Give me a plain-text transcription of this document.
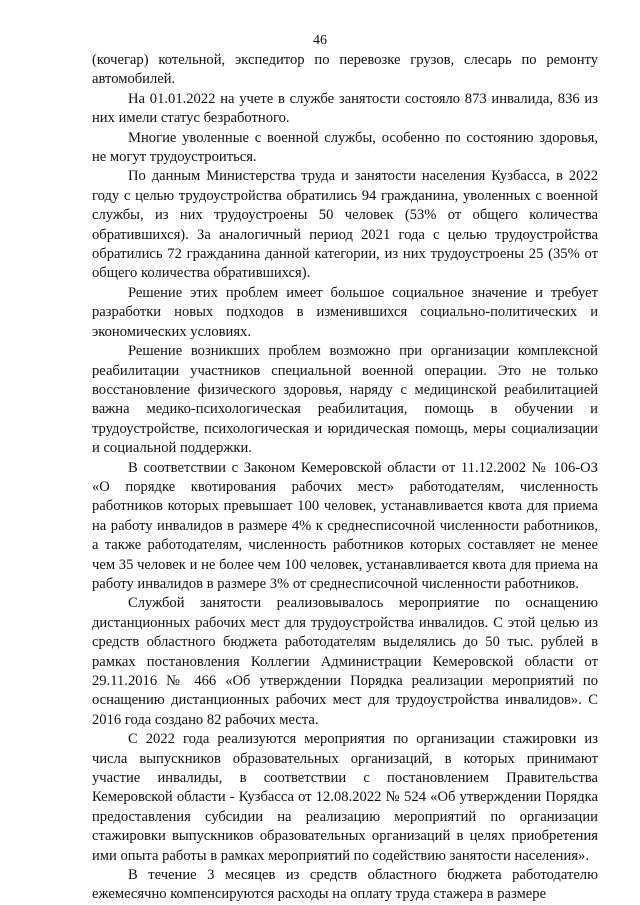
46

(кочегар) котельной, экспедитор по перевозке грузов, слесарь по ремонту автомобилей.

На 01.01.2022 на учете в службе занятости состояло 873 инвалида, 836 из них имели статус безработного.

Многие уволенные с военной службы, особенно по состоянию здоровья, не могут трудоустроиться.

По данным Министерства труда и занятости населения Кузбасса, в 2022 году с целью трудоустройства обратились 94 гражданина, уволенных с военной службы, из них трудоустроены 50 человек (53% от общего количества обратившихся). За аналогичный период 2021 года с целью трудоустройства обратились 72 гражданина данной категории, из них трудоустроены 25 (35% от общего количества обратившихся).

Решение этих проблем имеет большое социальное значение и требует разработки новых подходов в изменившихся социально-политических и экономических условиях.

Решение возникших проблем возможно при организации комплексной реабилитации участников специальной военной операции. Это не только восстановление физического здоровья, наряду с медицинской реабилитацией важна медико-психологическая реабилитация, помощь в обучении и трудоустройстве, психологическая и юридическая помощь, меры социализации и социальной поддержки.

В соответствии с Законом Кемеровской области от 11.12.2002 № 106-ОЗ «О порядке квотирования рабочих мест» работодателям, численность работников которых превышает 100 человек, устанавливается квота для приема на работу инвалидов в размере 4% к среднесписочной численности работников, а также работодателям, численность работников которых составляет не менее чем 35 человек и не более чем 100 человек, устанавливается квота для приема на работу инвалидов в размере 3% от среднесписочной численности работников.

Службой занятости реализовывалось мероприятие по оснащению дистанционных рабочих мест для трудоустройства инвалидов. С этой целью из средств областного бюджета работодателям выделялись до 50 тыс. рублей в рамках постановления Коллегии Администрации Кемеровской области от 29.11.2016 № 466 «Об утверждении Порядка реализации мероприятий по оснащению дистанционных рабочих мест для трудоустройства инвалидов». С 2016 года создано 82 рабочих места.

С 2022 года реализуются мероприятия по организации стажировки из числа выпускников образовательных организаций, в которых принимают участие инвалиды, в соответствии с постановлением Правительства Кемеровской области - Кузбасса от 12.08.2022 № 524 «Об утверждении Порядка предоставления субсидии на реализацию мероприятий по организации стажировки выпускников образовательных организаций в целях приобретения ими опыта работы в рамках мероприятий по содействию занятости населения».

В течение 3 месяцев из средств областного бюджета работодателю ежемесячно компенсируются расходы на оплату труда стажера в размере
